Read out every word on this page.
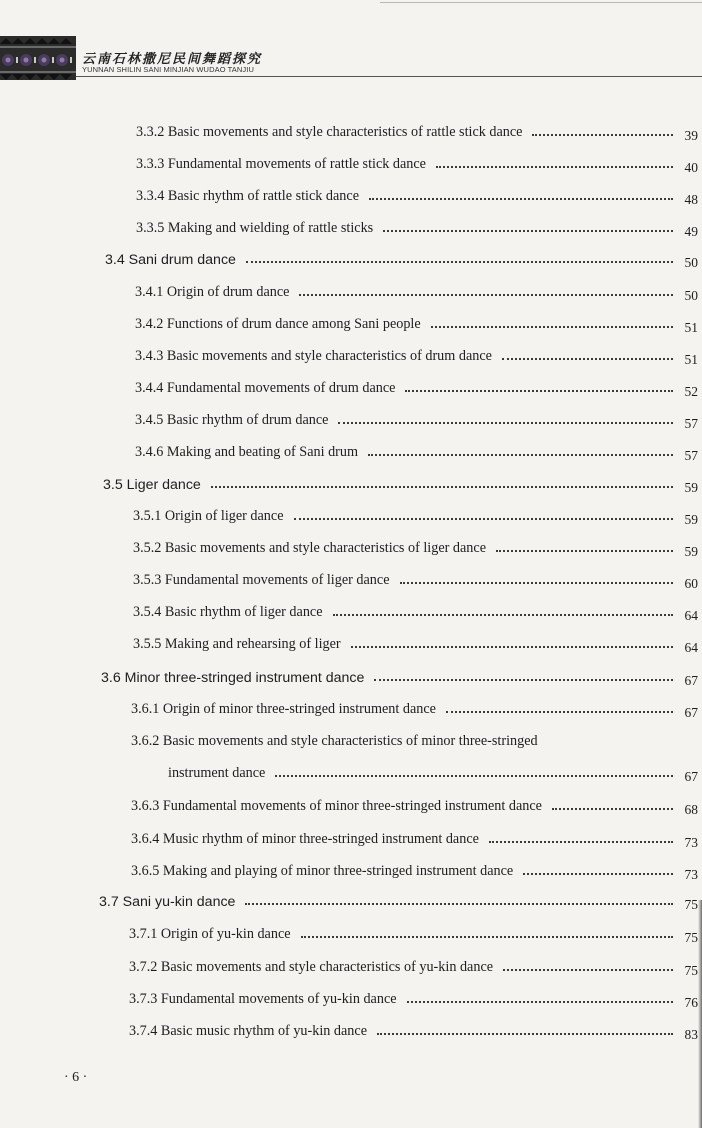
云南石林撒尼民间舞蹈探究
YUNNAN SHILIN SANI MINJIAN WUDAO TANJIU
3.3.2 Basic movements and style characteristics of rattle stick dance	39
3.3.3 Fundamental movements of rattle stick dance	40
3.3.4 Basic rhythm of rattle stick dance	48
3.3.5 Making and wielding of rattle sticks	49
3.4 Sani drum dance	50
3.4.1 Origin of drum dance	50
3.4.2 Functions of drum dance among Sani people	51
3.4.3 Basic movements and style characteristics of drum dance	51
3.4.4 Fundamental movements of drum dance	52
3.4.5 Basic rhythm of drum dance	57
3.4.6 Making and beating of Sani drum	57
3.5 Liger dance	59
3.5.1 Origin of liger dance	59
3.5.2 Basic movements and style characteristics of liger dance	59
3.5.3 Fundamental movements of liger dance	60
3.5.4 Basic rhythm of liger dance	64
3.5.5 Making and rehearsing of liger	64
3.6 Minor three-stringed instrument dance	67
3.6.1 Origin of minor three-stringed instrument dance	67
3.6.2 Basic movements and style characteristics of minor three-stringed
instrument dance	67
3.6.3 Fundamental movements of minor three-stringed instrument dance	68
3.6.4 Music rhythm of minor three-stringed instrument dance	73
3.6.5 Making and playing of minor three-stringed instrument dance	73
3.7 Sani yu-kin dance	75
3.7.1 Origin of yu-kin dance	75
3.7.2 Basic movements and style characteristics of yu-kin dance	75
3.7.3 Fundamental movements of yu-kin dance	76
3.7.4 Basic music rhythm of yu-kin dance	83
· 6 ·
